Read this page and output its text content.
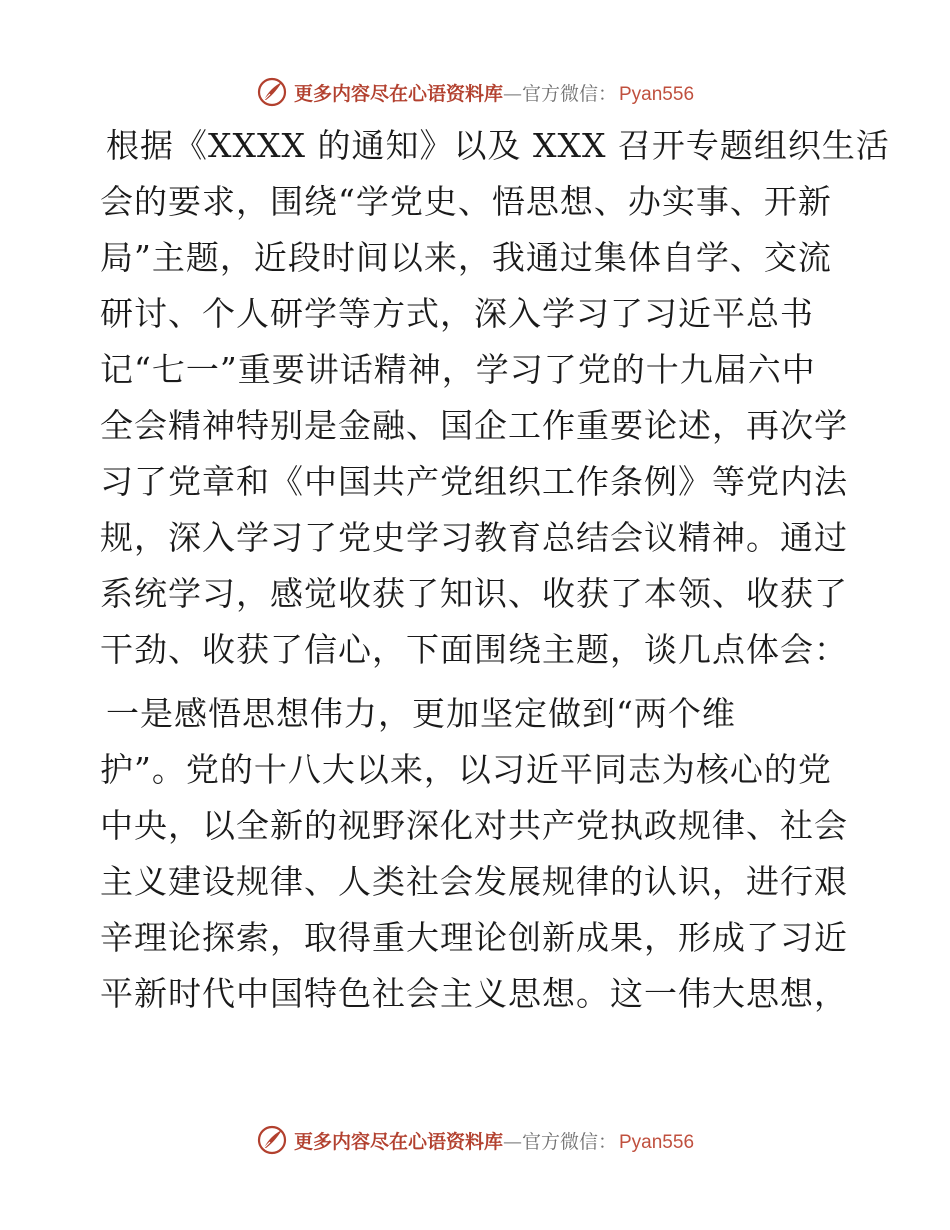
更多内容尽在心语资料库 — 官方微信： Pyan556
根据《XXXX 的通知》以及 XXX 召开专题组织生活
会的要求，围绕“学党史、悟思想、办实事、开新
局”主题，近段时间以来，我通过集体自学、交流
研讨、个人研学等方式，深入学习了习近平总书
记“七一”重要讲话精神，学习了党的十九届六中
全会精神特别是金融、国企工作重要论述，再次学
习了党章和《中国共产党组织工作条例》等党内法
规，深入学习了党史学习教育总结会议精神。通过
系统学习，感觉收获了知识、收获了本领、收获了
干劲、收获了信心，下面围绕主题，谈几点体会：
一是感悟思想伟力，更加坚定做到“两个维
护”。党的十八大以来，以习近平同志为核心的党
中央，以全新的视野深化对共产党执政规律、社会
主义建设规律、人类社会发展规律的认识，进行艰
辛理论探索，取得重大理论创新成果，形成了习近
平新时代中国特色社会主义思想。这一伟大思想，
更多内容尽在心语资料库 — 官方微信： Pyan556
